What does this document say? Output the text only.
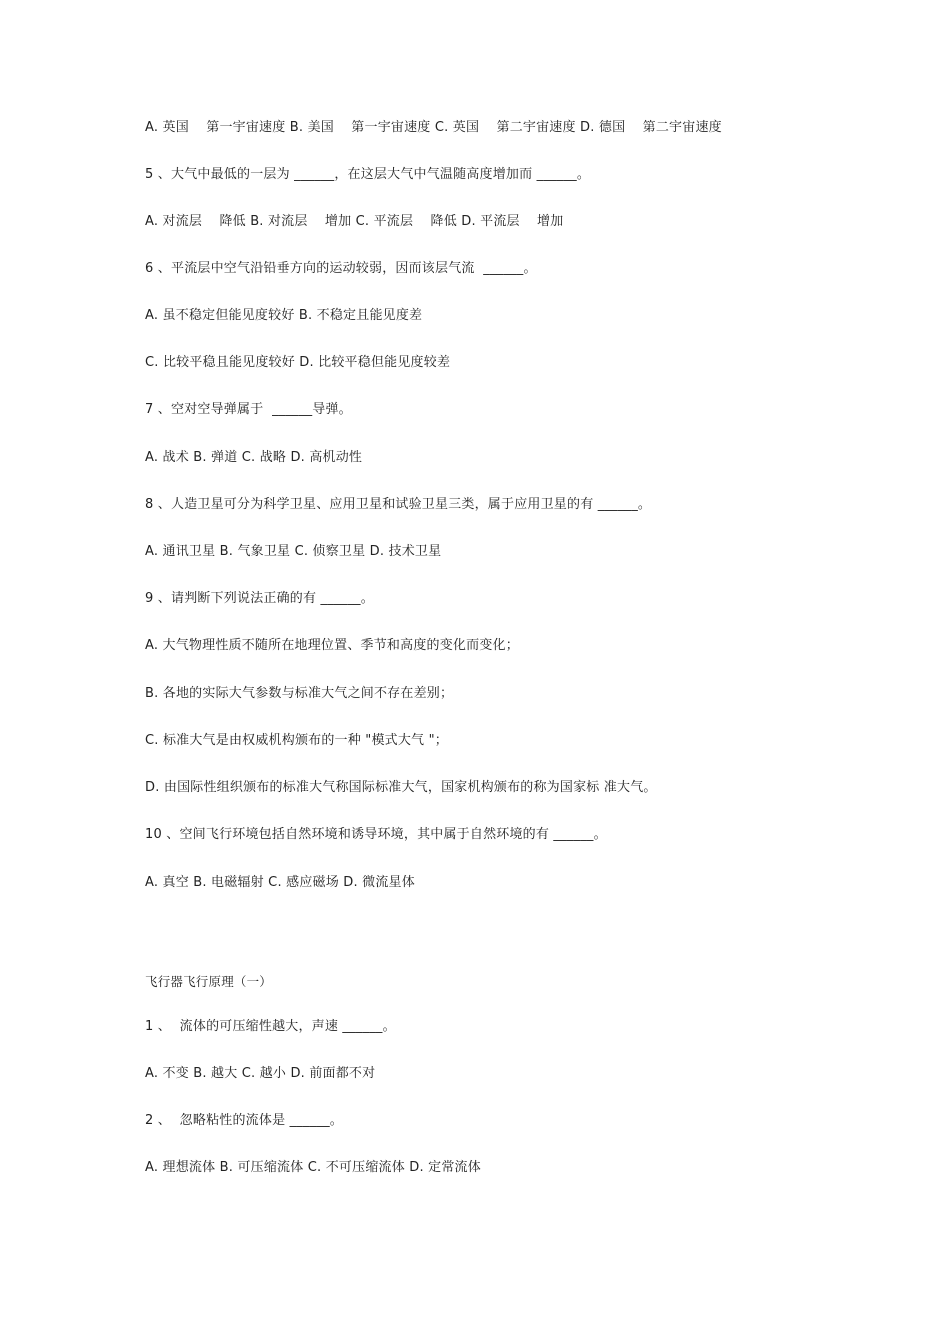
A. 英国    第一宇宙速度 B. 美国    第一宇宙速度 C. 英国    第二宇宙速度 D. 德国    第二宇宙速度
5 、大气中最低的一层为 ______，在这层大气中气温随高度增加而 ______。
A. 对流层    降低 B. 对流层    增加 C. 平流层    降低 D. 平流层    增加
6 、平流层中空气沿铅垂方向的运动较弱，因而该层气流  ______。
A. 虽不稳定但能见度较好 B. 不稳定且能见度差
C. 比较平稳且能见度较好 D. 比较平稳但能见度较差
7 、空对空导弹属于  ______导弹。
A. 战术 B. 弹道 C. 战略 D. 高机动性
8 、人造卫星可分为科学卫星、应用卫星和试验卫星三类，属于应用卫星的有 ______。
A. 通讯卫星 B. 气象卫星 C. 侦察卫星 D. 技术卫星
9 、请判断下列说法正确的有 ______。
A. 大气物理性质不随所在地理位置、季节和高度的变化而变化；
B. 各地的实际大气参数与标准大气之间不存在差别；
C. 标准大气是由权威机构颁布的一种 "模式大气 "；
D. 由国际性组织颁布的标准大气称国际标准大气，国家机构颁布的称为国家标 准大气。
10 、空间飞行环境包括自然环境和诱导环境，其中属于自然环境的有 ______。
A. 真空 B. 电磁辐射 C. 感应磁场 D. 微流星体
飞行器飞行原理（一）
1 、  流体的可压缩性越大，声速 ______。
A. 不变 B. 越大 C. 越小 D. 前面都不对
2 、  忽略粘性的流体是 ______。
A. 理想流体 B. 可压缩流体 C. 不可压缩流体 D. 定常流体
